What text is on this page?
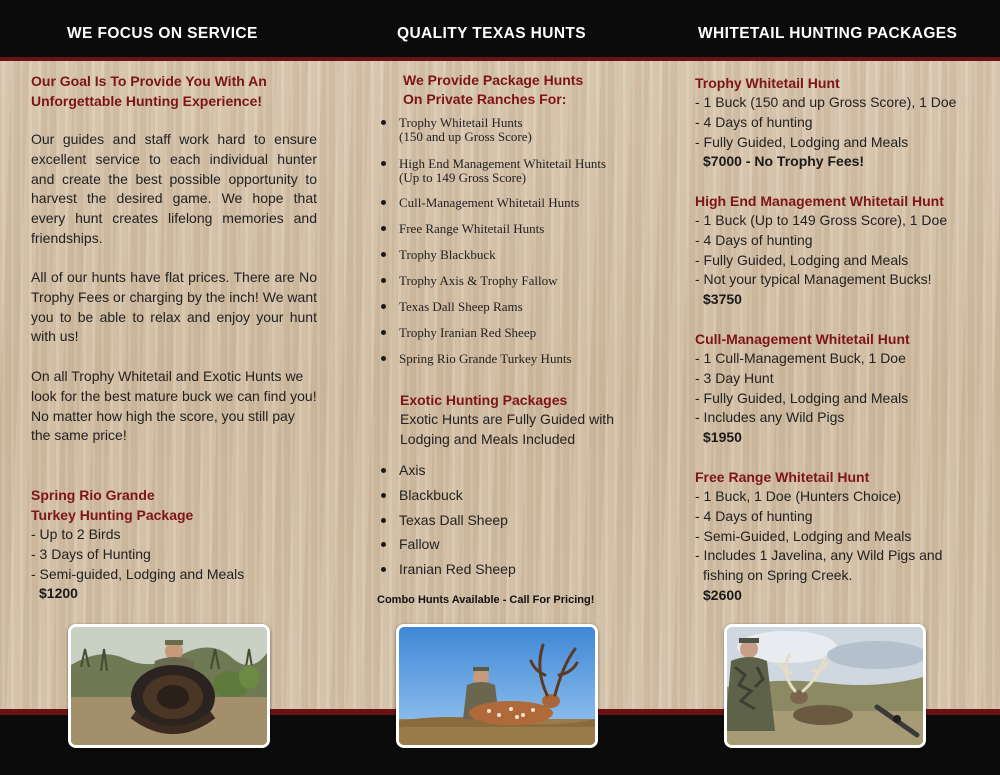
WE FOCUS ON SERVICE	QUALITY TEXAS HUNTS	WHITETAIL HUNTING PACKAGES
Our Goal Is To Provide You With An
Unforgettable Hunting Experience!
Our guides and staff work hard to ensure excellent service to each individual hunter and create the best possible opportunity to harvest the desired game. We hope that every hunt creates lifelong memories and friendships.
All of our hunts have flat prices. There are No Trophy Fees or charging by the inch! We want you to be able to relax and enjoy your hunt with us!
On all Trophy Whitetail and Exotic Hunts we look for the best mature buck we can find you! No matter how high the score, you still pay the same price!
Spring Rio Grande
Turkey Hunting Package
- Up to 2 Birds
- 3 Days of Hunting
- Semi-guided, Lodging and Meals
$1200
We Provide Package Hunts
On Private Ranches For:
Trophy Whitetail Hunts
(150 and up Gross Score)
High End Management Whitetail Hunts
(Up to 149 Gross Score)
Cull-Management Whitetail Hunts
Free Range Whitetail Hunts
Trophy Blackbuck
Trophy Axis & Trophy Fallow
Texas Dall Sheep Rams
Trophy Iranian Red Sheep
Spring Rio Grande Turkey Hunts
Exotic Hunting Packages
Exotic Hunts are Fully Guided with
Lodging and Meals Included
Axis
Blackbuck
Texas Dall Sheep
Fallow
Iranian Red Sheep
Combo Hunts Available - Call For Pricing!
Trophy Whitetail Hunt
- 1 Buck (150 and up Gross Score), 1 Doe
- 4 Days of hunting
- Fully Guided, Lodging and Meals
$7000 - No Trophy Fees!
High End Management Whitetail Hunt
- 1 Buck (Up to 149 Gross Score), 1 Doe
- 4 Days of hunting
- Fully Guided, Lodging and Meals
- Not your typical Management Bucks!
$3750
Cull-Management Whitetail Hunt
- 1 Cull-Management Buck, 1 Doe
- 3 Day Hunt
- Fully Guided, Lodging and Meals
- Includes any Wild Pigs
$1950
Free Range Whitetail Hunt
- 1 Buck, 1 Doe (Hunters Choice)
- 4 Days of hunting
- Semi-Guided, Lodging and Meals
- Includes 1 Javelina, any Wild Pigs and
fishing on Spring Creek.
$2600
